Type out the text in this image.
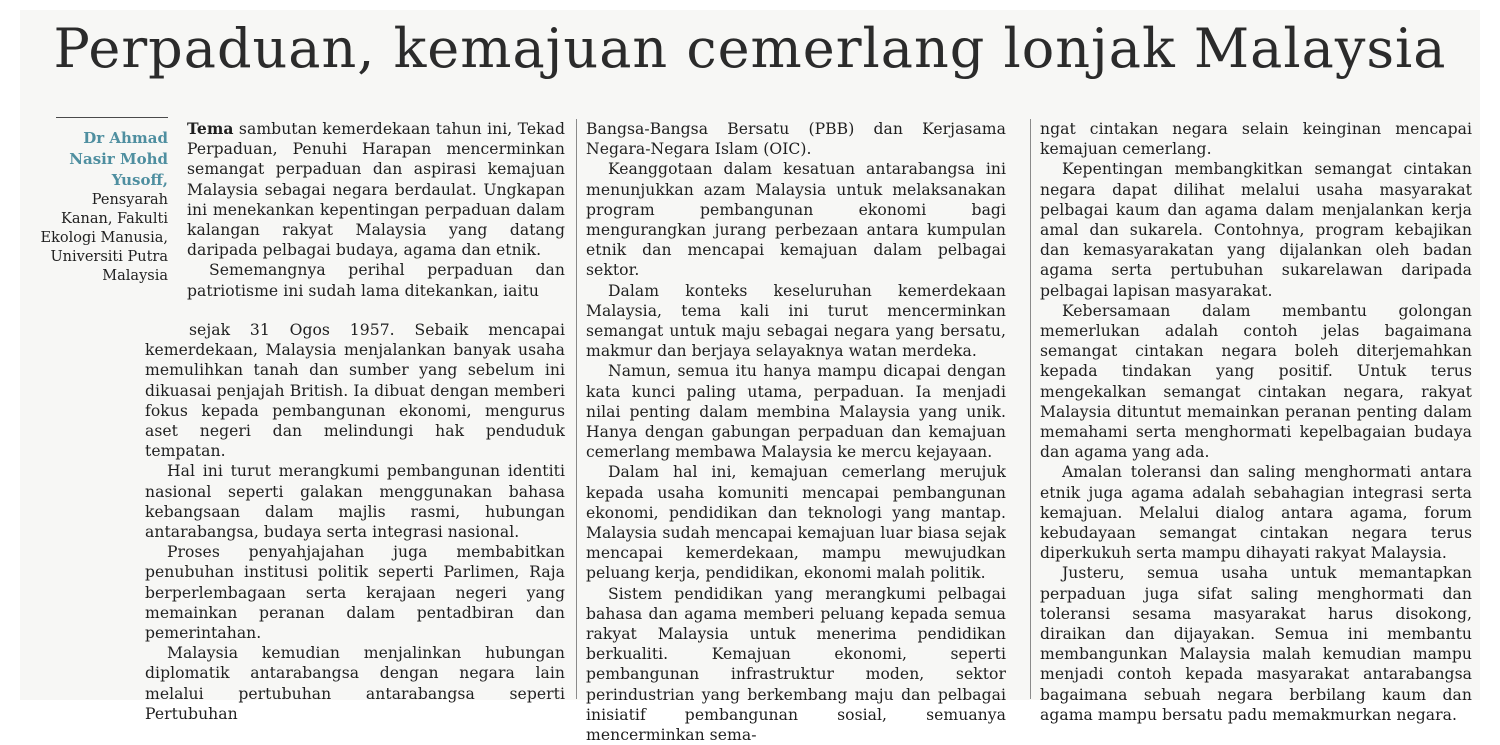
Perpaduan, kemajuan cemerlang lonjak Malaysia
Dr Ahmad
Nasir Mohd
Yusoff,
Pensyarah
Kanan, Fakulti
Ekologi Manusia,
Universiti Putra
Malaysia

Tema sambutan kemerdekaan tahun ini, Tekad Perpaduan, Penuhi Harapan mencerminkan semangat perpaduan dan aspirasi kemajuan Malaysia sebagai negara berdaulat. Ungkapan ini menekankan kepentingan perpaduan dalam kalangan rakyat Malaysia yang datang daripada pelbagai budaya, agama dan etnik.

Sememangnya perihal perpaduan dan patriotisme ini sudah lama ditekankan, iaitu

sejak 31 Ogos 1957. Sebaik mencapai kemerdekaan, Malaysia menjalankan banyak usaha memulihkan tanah dan sumber yang sebelum ini dikuasai penjajah British. Ia dibuat dengan memberi fokus kepada pembangunan ekonomi, mengurus aset negeri dan melindungi hak penduduk tempatan.

Hal ini turut merangkumi pembangunan identiti nasional seperti galakan menggunakan bahasa kebangsaan dalam majlis rasmi, hubungan antarabangsa, budaya serta integrasi nasional.

Proses penyahjajahan juga membabitkan penubuhan institusi politik seperti Parlimen, Raja berperlembagaan serta kerajaan negeri yang memainkan peranan dalam pentadbiran dan pemerintahan.

Malaysia kemudian menjalinkan hubungan diplomatik antarabangsa dengan negara lain melalui pertubuhan antarabangsa seperti Pertubuhan

Bangsa-Bangsa Bersatu (PBB) dan Kerjasama Negara-Negara Islam (OIC).

Keanggotaan dalam kesatuan antarabangsa ini menunjukkan azam Malaysia untuk melaksanakan program pembangunan ekonomi bagi mengurangkan jurang perbezaan antara kumpulan etnik dan mencapai kemajuan dalam pelbagai sektor.

Dalam konteks keseluruhan kemerdekaan Malaysia, tema kali ini turut mencerminkan semangat untuk maju sebagai negara yang bersatu, makmur dan berjaya selayaknya watan merdeka.

Namun, semua itu hanya mampu dicapai dengan kata kunci paling utama, perpaduan. Ia menjadi nilai penting dalam membina Malaysia yang unik. Hanya dengan gabungan perpaduan dan kemajuan cemerlang membawa Malaysia ke mercu kejayaan.

Dalam hal ini, kemajuan cemerlang merujuk kepada usaha komuniti mencapai pembangunan ekonomi, pendidikan dan teknologi yang mantap. Malaysia sudah mencapai kemajuan luar biasa sejak mencapai kemerdekaan, mampu mewujudkan peluang kerja, pendidikan, ekonomi malah politik.

Sistem pendidikan yang merangkumi pelbagai bahasa dan agama memberi peluang kepada semua rakyat Malaysia untuk menerima pendidikan berkualiti. Kemajuan ekonomi, seperti pembangunan infrastruktur moden, sektor perindustrian yang berkembang maju dan pelbagai inisiatif pembangunan sosial, semuanya mencerminkan sema-

ngat cintakan negara selain keinginan mencapai kemajuan cemerlang.

Kepentingan membangkitkan semangat cintakan negara dapat dilihat melalui usaha masyarakat pelbagai kaum dan agama dalam menjalankan kerja amal dan sukarela. Contohnya, program kebajikan dan kemasyarakatan yang dijalankan oleh badan agama serta pertubuhan sukarelawan daripada pelbagai lapisan masyarakat.

Kebersamaan dalam membantu golongan memerlukan adalah contoh jelas bagaimana semangat cintakan negara boleh diterjemahkan kepada tindakan yang positif. Untuk terus mengekalkan semangat cintakan negara, rakyat Malaysia dituntut memainkan peranan penting dalam memahami serta menghormati kepelbagaian budaya dan agama yang ada.

Amalan toleransi dan saling menghormati antara etnik juga agama adalah sebahagian integrasi serta kemajuan. Melalui dialog antara agama, forum kebudayaan semangat cintakan negara terus diperkukuh serta mampu dihayati rakyat Malaysia.

Justeru, semua usaha untuk memantapkan perpaduan juga sifat saling menghormati dan toleransi sesama masyarakat harus disokong, diraikan dan dijayakan. Semua ini membantu membangunkan Malaysia malah kemudian mampu menjadi contoh kepada masyarakat antarabangsa bagaimana sebuah negara berbilang kaum dan agama mampu bersatu padu memakmurkan negara.
